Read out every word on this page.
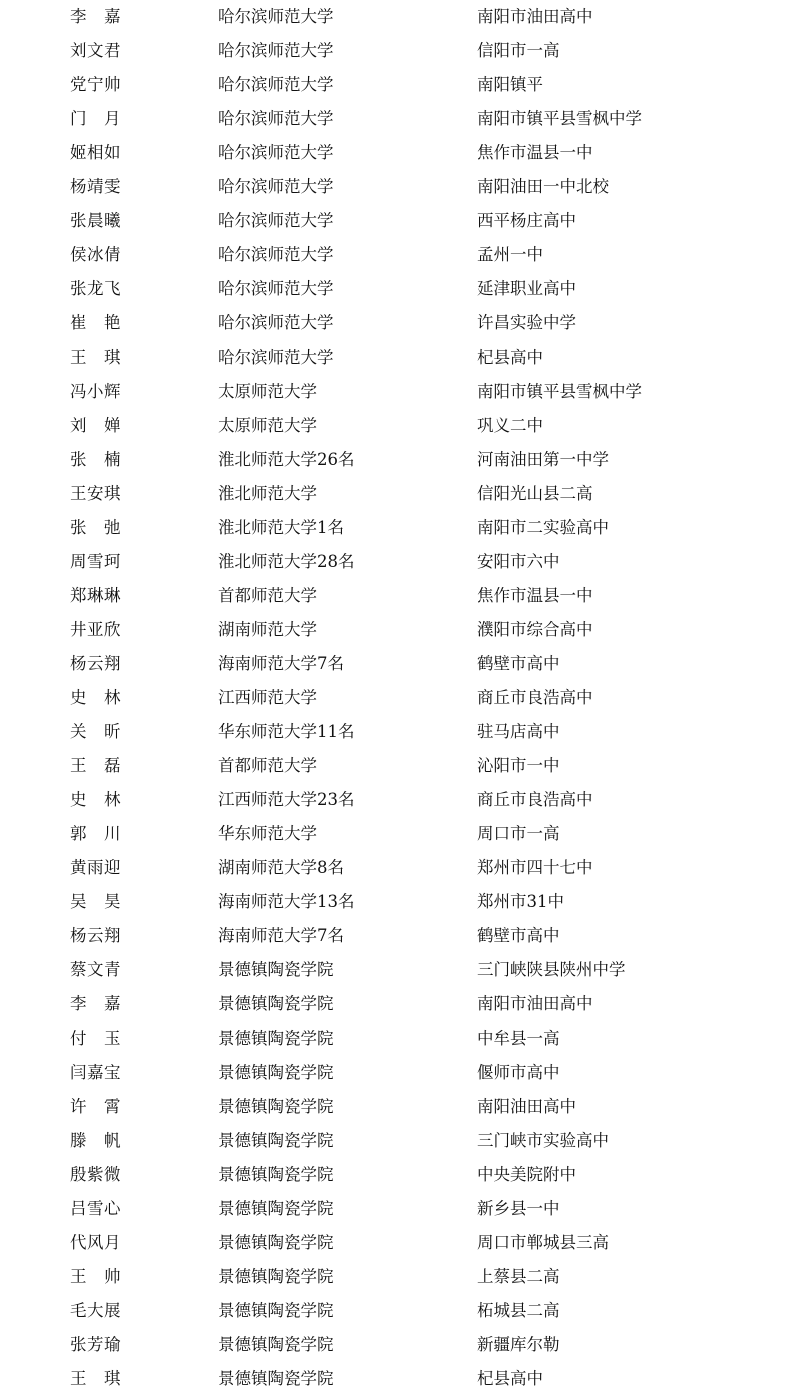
李　嘉	哈尔滨师范大学	南阳市油田高中
刘文君	哈尔滨师范大学	信阳市一高
党宁帅	哈尔滨师范大学	南阳镇平
门　月	哈尔滨师范大学	南阳市镇平县雪枫中学
姬相如	哈尔滨师范大学	焦作市温县一中
杨靖雯	哈尔滨师范大学	南阳油田一中北校
张晨曦	哈尔滨师范大学	西平杨庄高中
侯冰倩	哈尔滨师范大学	孟州一中
张龙飞	哈尔滨师范大学	延津职业高中
崔　艳	哈尔滨师范大学	许昌实验中学
王　琪	哈尔滨师范大学	杞县高中
冯小辉	太原师范大学	南阳市镇平县雪枫中学
刘　婵	太原师范大学	巩义二中
张　楠	淮北师范大学26名	河南油田第一中学
王安琪	淮北师范大学	信阳光山县二高
张　弛	淮北师范大学1名	南阳市二实验高中
周雪珂	淮北师范大学28名	安阳市六中
郑琳琳	首都师范大学	焦作市温县一中
井亚欣	湖南师范大学	濮阳市综合高中
杨云翔	海南师范大学7名	鹤壁市高中
史　林	江西师范大学	商丘市良浩高中
关　昕	华东师范大学11名	驻马店高中
王　磊	首都师范大学	沁阳市一中
史　林	江西师范大学23名	商丘市良浩高中
郭　川	华东师范大学	周口市一高
黄雨迎	湖南师范大学8名	郑州市四十七中
吴　昊	海南师范大学13名	郑州市31中
杨云翔	海南师范大学7名	鹤壁市高中
蔡文青	景德镇陶瓷学院	三门峡陕县陕州中学
李　嘉	景德镇陶瓷学院	南阳市油田高中
付　玉	景德镇陶瓷学院	中牟县一高
闫嘉宝	景德镇陶瓷学院	偃师市高中
许　霄	景德镇陶瓷学院	南阳油田高中
滕　帆	景德镇陶瓷学院	三门峡市实验高中
殷紫微	景德镇陶瓷学院	中央美院附中
吕雪心	景德镇陶瓷学院	新乡县一中
代风月	景德镇陶瓷学院	周口市郸城县三高
王　帅	景德镇陶瓷学院	上蔡县二高
毛大展	景德镇陶瓷学院	柘城县二高
张芳瑜	景德镇陶瓷学院	新疆库尔勒
王　琪	景德镇陶瓷学院	杞县高中
